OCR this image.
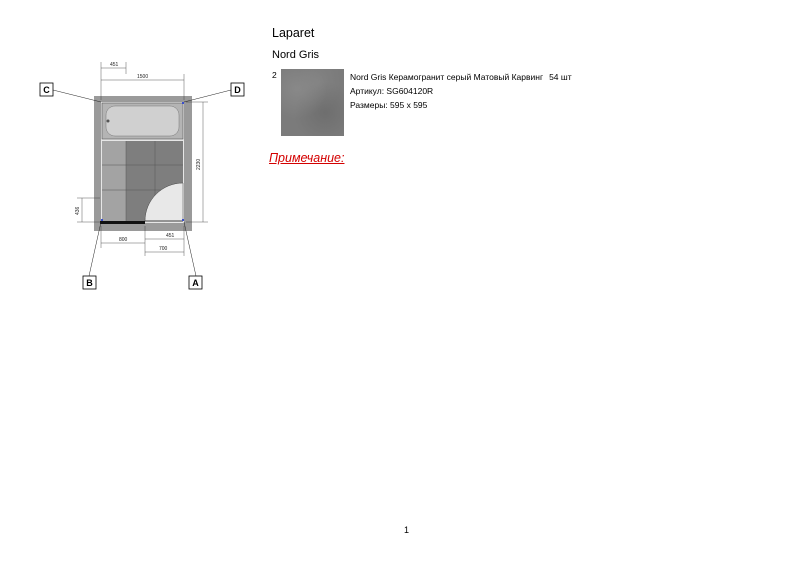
451
1500
2230
436
800
451
700
C	D
B	A
Laparet
Nord Gris
2	Nord Gris Керамогранит серый Матовый Карвинг 54 шт
Артикул: SG604120R
Размеры: 595 x 595
Примечание:
1
